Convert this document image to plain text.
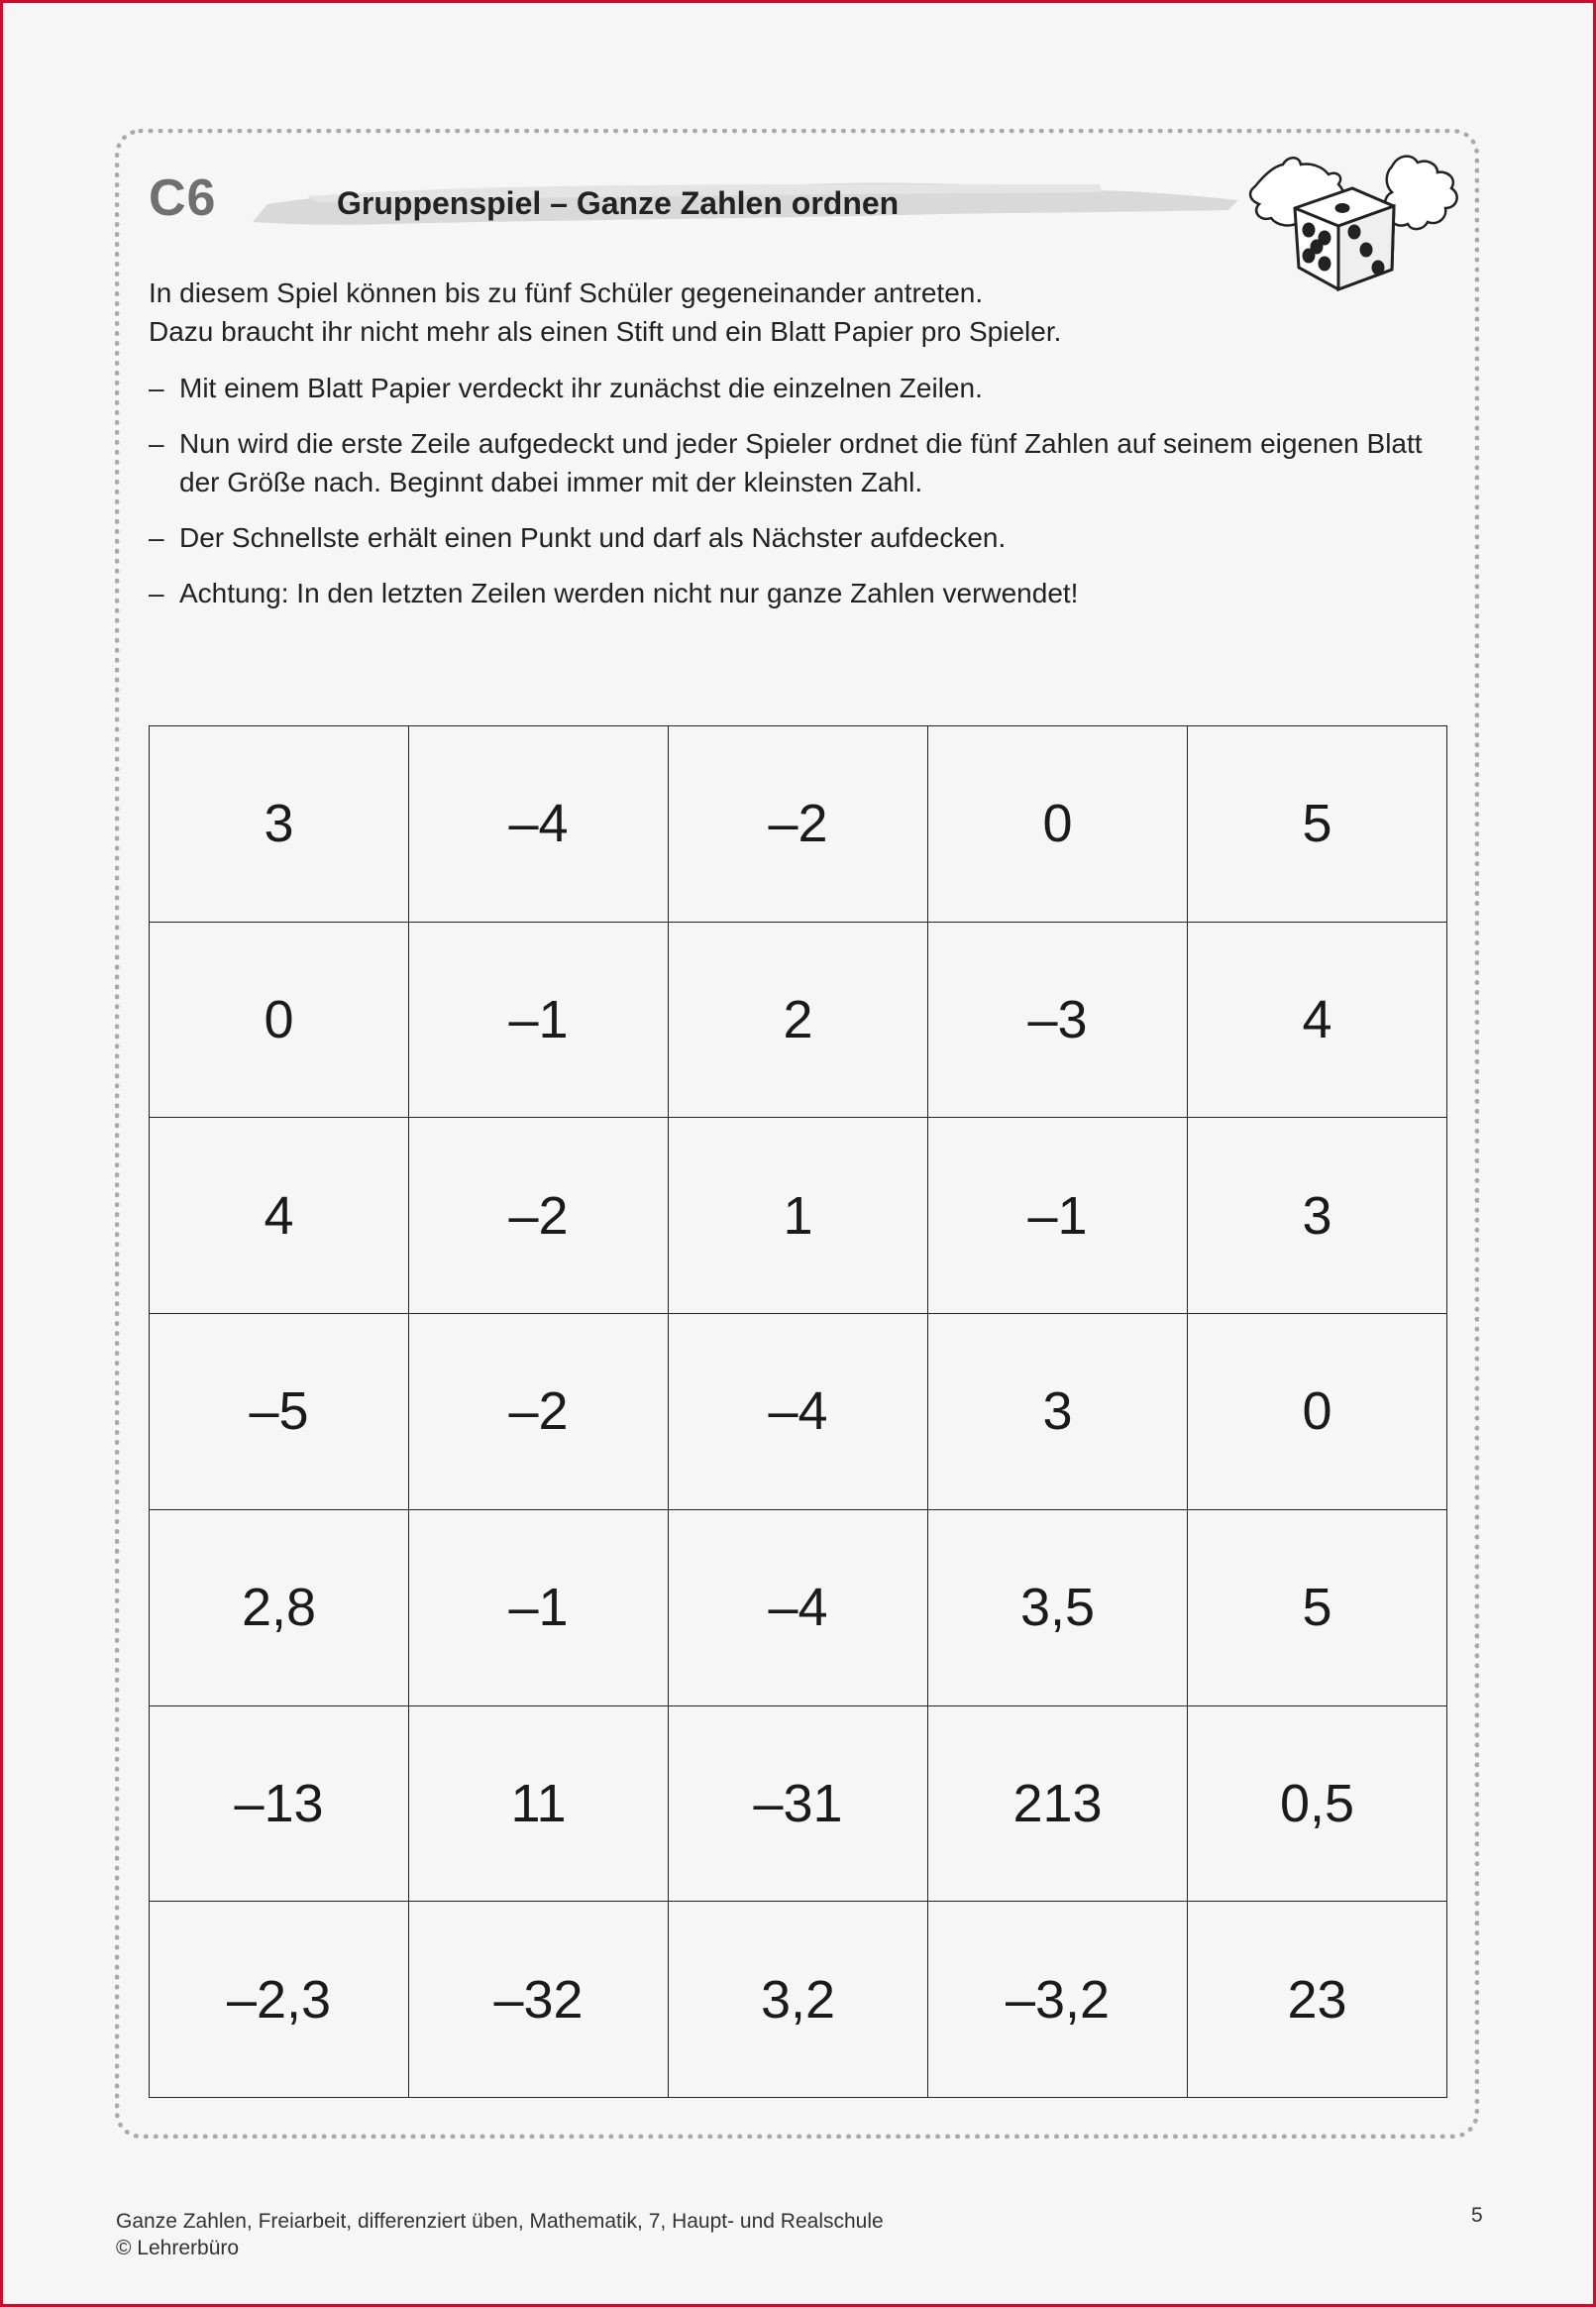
C6	Gruppenspiel – Ganze Zahlen ordnen

In diesem Spiel können bis zu fünf Schüler gegeneinander antreten.

Dazu braucht ihr nicht mehr als einen Stift und ein Blatt Papier pro Spieler.

– Mit einem Blatt Papier verdeckt ihr zunächst die einzelnen Zeilen.
– Nun wird die erste Zeile aufgedeckt und jeder Spieler ordnet die fünf Zahlen auf seinem eigenen Blatt der Größe nach. Beginnt dabei immer mit der kleinsten Zahl.
– Der Schnellste erhält einen Punkt und darf als Nächster aufdecken.
– Achtung: In den letzten Zeilen werden nicht nur ganze Zahlen verwendet!
3	–4	–2	0	5
0	–1	2	–3	4
4	–2	1	–1	3
–5	–2	–4	3	0
2,8	–1	–4	3,5	5
–13	11	–31	213	0,5
–2,3	–32	3,2	–3,2	23
Ganze Zahlen, Freiarbeit, differenziert üben, Mathematik, 7, Haupt- und Realschule
© Lehrerbüro
5
